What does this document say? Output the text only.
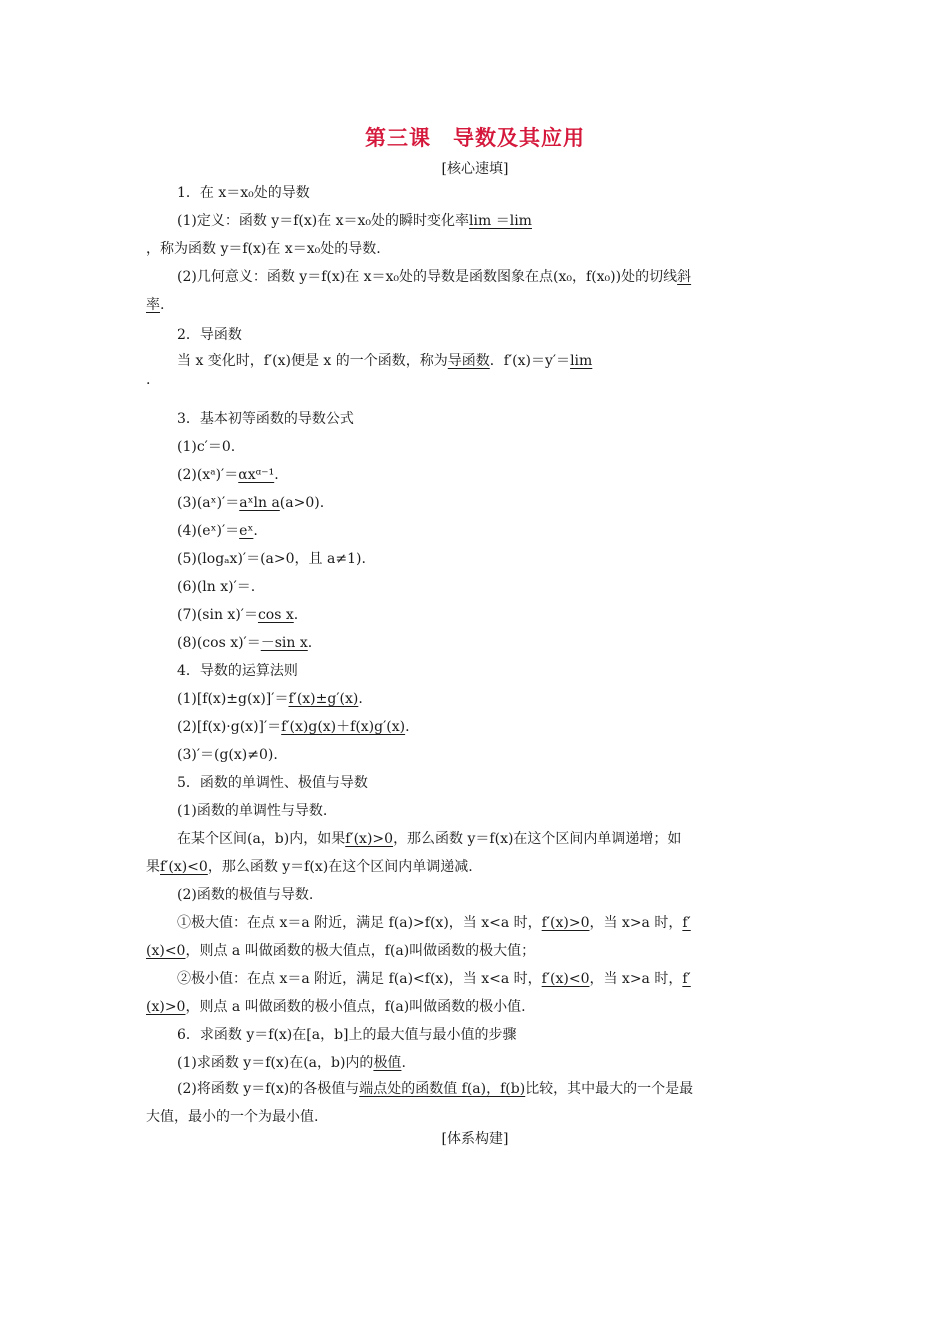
第三课　导数及其应用
[核心速填]
1．在 x＝x₀处的导数
(1)定义：函数 y＝f(x)在 x＝x₀处的瞬时变化率lim ＝lim
，称为函数 y＝f(x)在 x＝x₀处的导数.
(2)几何意义：函数 y＝f(x)在 x＝x₀处的导数是函数图象在点(x₀，f(x₀))处的切线斜
率.
2．导函数
当 x 变化时，f′(x)便是 x 的一个函数，称为导函数．f′(x)＝y′＝lim
3．基本初等函数的导数公式
(1)c′＝0.
(2)(xᵃ)′＝αxᵅ⁻¹.
(3)(aˣ)′＝aˣln a(a>0).
(4)(eˣ)′＝eˣ.
(5)(logₐx)′＝(a>0，且 a≠1).
(6)(ln x)′＝.
(7)(sin x)′＝cos x.
(8)(cos x)′＝－sin x.
4．导数的运算法则
(1)[f(x)±g(x)]′＝f′(x)±g′(x).
(2)[f(x)·g(x)]′＝f′(x)g(x)＋f(x)g′(x).
(3)′＝(g(x)≠0).
5．函数的单调性、极值与导数
(1)函数的单调性与导数.
在某个区间(a，b)内，如果f′(x)>0，那么函数 y＝f(x)在这个区间内单调递增；如
果f′(x)<0，那么函数 y＝f(x)在这个区间内单调递减.
(2)函数的极值与导数.
①极大值：在点 x＝a 附近，满足 f(a)>f(x)，当 x<a 时，f′(x)>0，当 x>a 时，f′
(x)<0，则点 a 叫做函数的极大值点，f(a)叫做函数的极大值；
②极小值：在点 x＝a 附近，满足 f(a)<f(x)，当 x<a 时，f′(x)<0，当 x>a 时，f′
(x)>0，则点 a 叫做函数的极小值点，f(a)叫做函数的极小值.
6．求函数 y＝f(x)在[a，b]上的最大值与最小值的步骤
(1)求函数 y＝f(x)在(a，b)内的极值.
(2)将函数 y＝f(x)的各极值与端点处的函数值 f(a)，f(b)比较，其中最大的一个是最
大值，最小的一个为最小值.
.
[体系构建]
